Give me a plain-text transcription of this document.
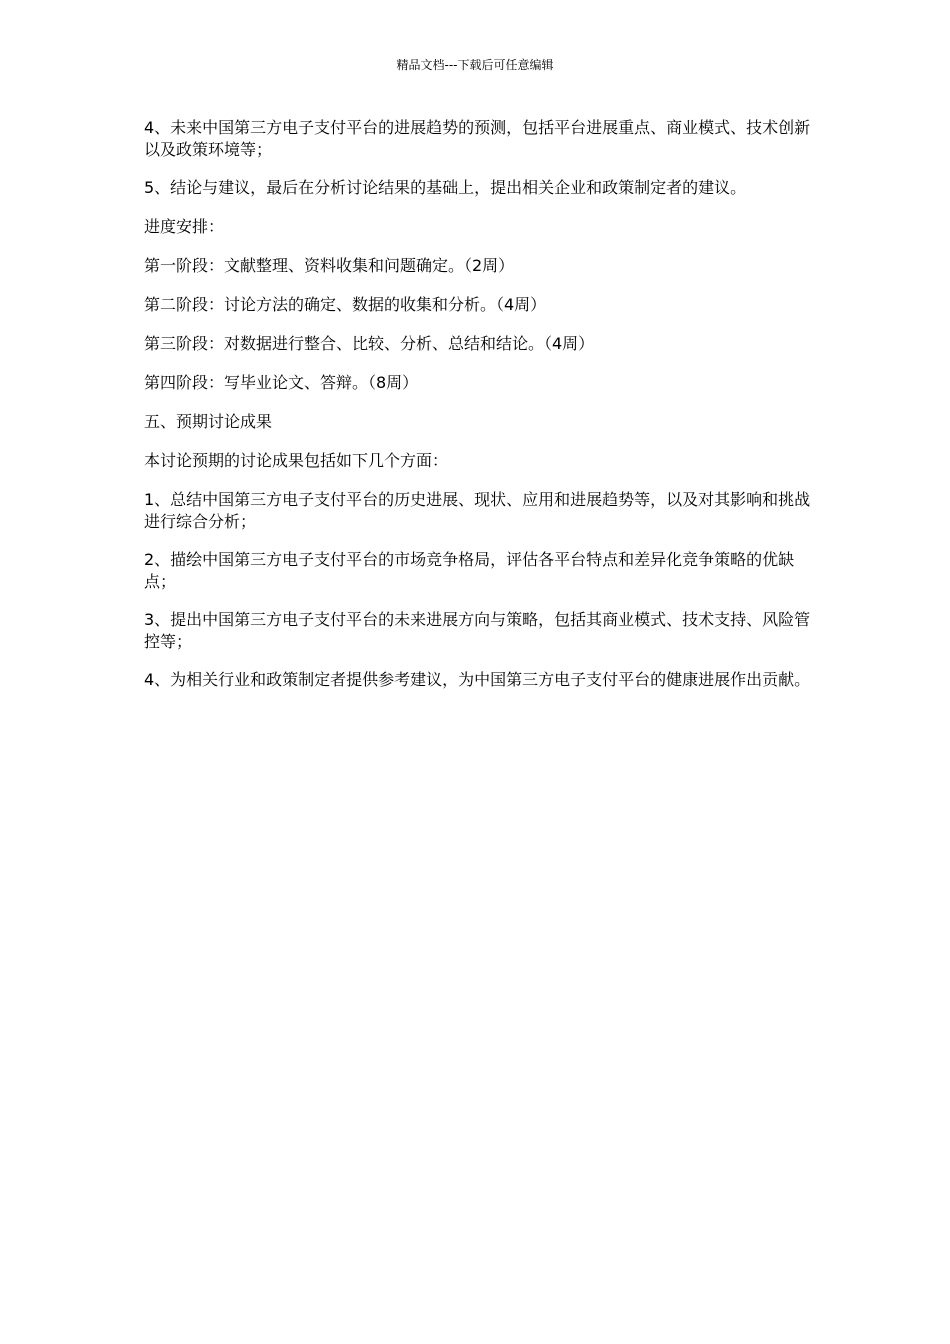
精品文档---下载后可任意编辑

4、未来中国第三方电子支付平台的进展趋势的预测，包括平台进展重点、商业模式、技术创新以及政策环境等；

5、结论与建议，最后在分析讨论结果的基础上，提出相关企业和政策制定者的建议。

进度安排：

第一阶段：文献整理、资料收集和问题确定。（2周）

第二阶段：讨论方法的确定、数据的收集和分析。（4周）

第三阶段：对数据进行整合、比较、分析、总结和结论。（4周）

第四阶段：写毕业论文、答辩。（8周）

五、预期讨论成果

本讨论预期的讨论成果包括如下几个方面：

1、总结中国第三方电子支付平台的历史进展、现状、应用和进展趋势等，以及对其影响和挑战进行综合分析；

2、描绘中国第三方电子支付平台的市场竞争格局，评估各平台特点和差异化竞争策略的优缺点；

3、提出中国第三方电子支付平台的未来进展方向与策略，包括其商业模式、技术支持、风险管控等；

4、为相关行业和政策制定者提供参考建议，为中国第三方电子支付平台的健康进展作出贡献。
